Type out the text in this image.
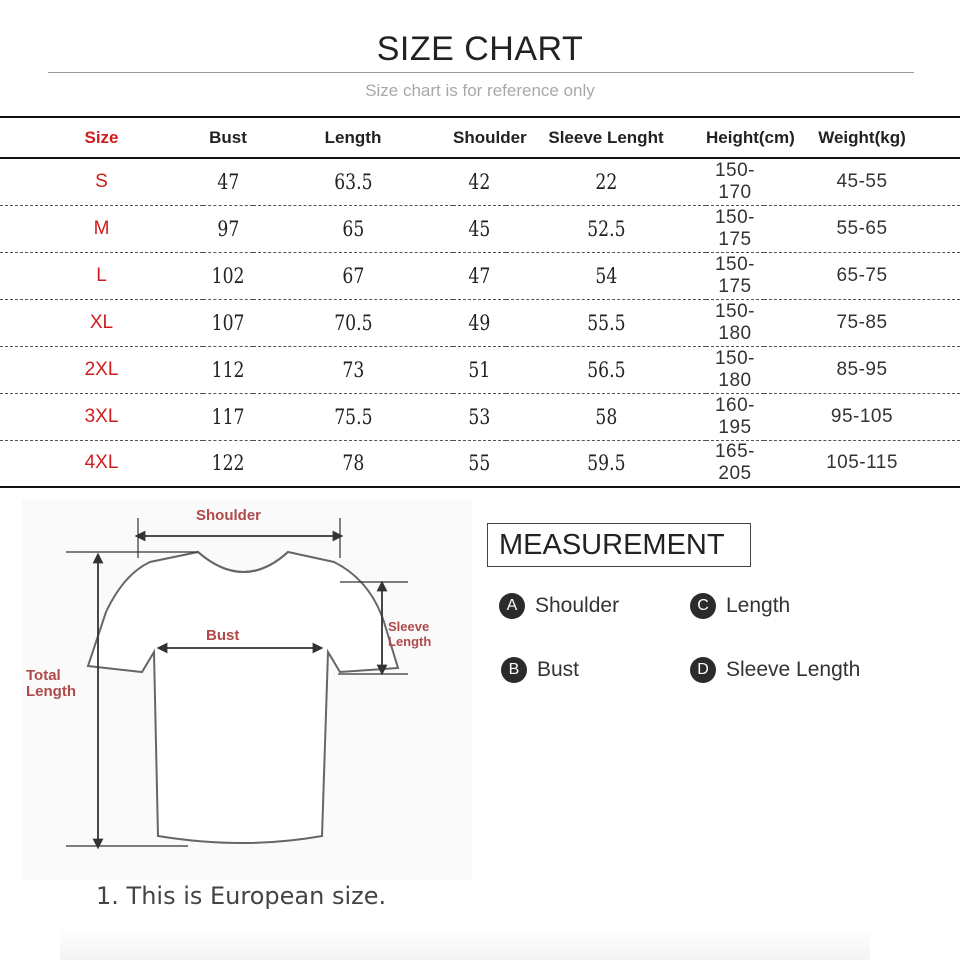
SIZE CHART
Size chart is for reference only
Size	Bust	Length	Shoulder	Sleeve Lenght	Height(cm)	Weight(kg)
S	47	63.5	42	22	150-170	45-55
M	97	65	45	52.5	150-175	55-65
L	102	67	47	54	150-175	65-75
XL	107	70.5	49	55.5	150-180	75-85
2XL	112	73	51	56.5	150-180	85-95
3XL	117	75.5	53	58	160-195	95-105
4XL	122	78	55	59.5	165-205	105-115
Shoulder
Bust
Sleeve
Length
Total
Length
MEASUREMENT
A Shoulder	C Length
B Bust	D Sleeve Length
1. This is European size.
